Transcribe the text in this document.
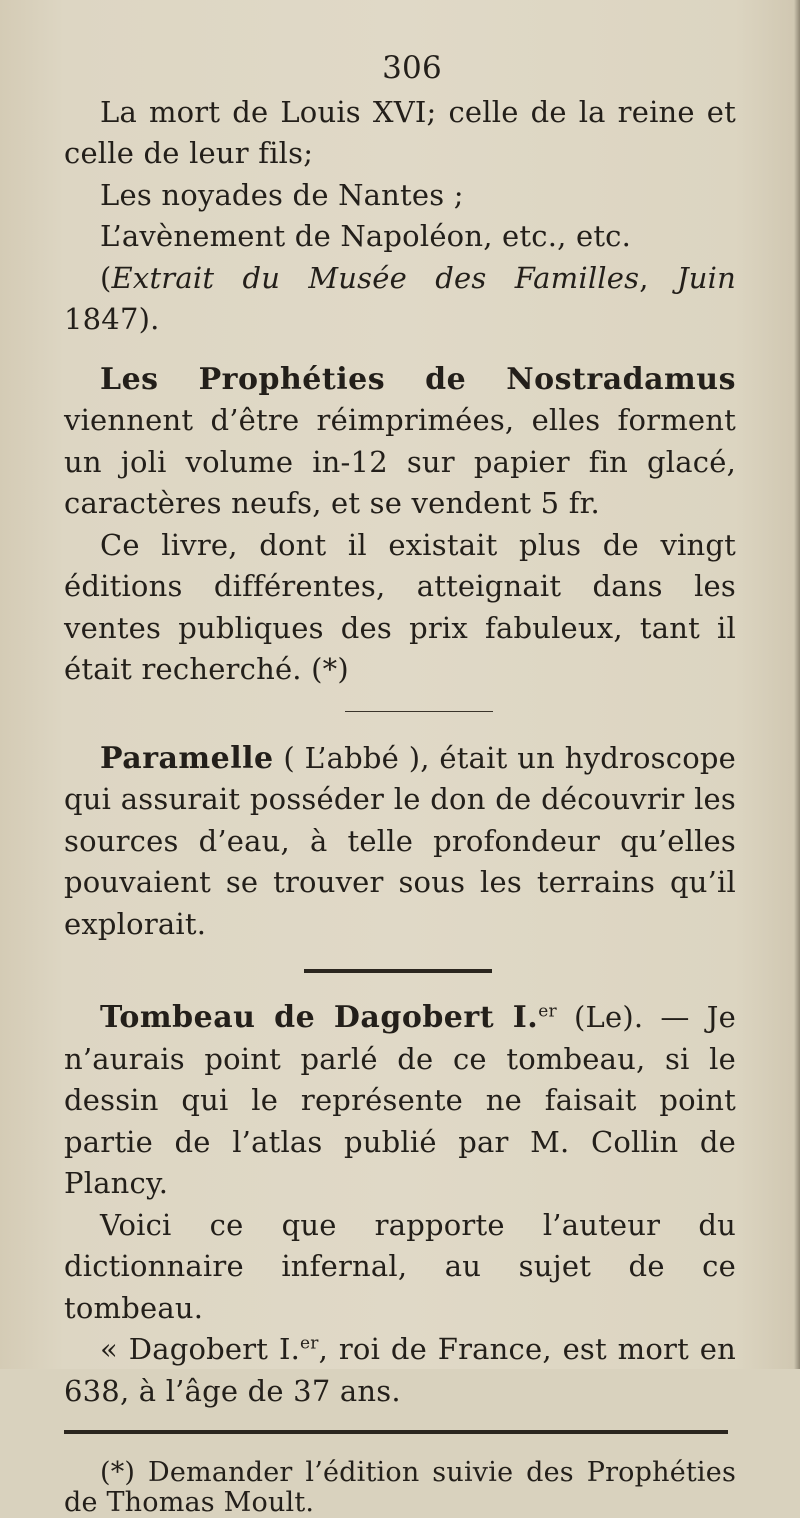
306

La mort de Louis XVI; celle de la reine et celle de leur fils;

Les noyades de Nantes ;

L’avènement de Napoléon, etc., etc.

(Extrait du Musée des Familles, Juin 1847).

Les Prophéties de Nostradamus viennent d’être réimprimées, elles forment un joli volume in-12 sur papier fin glacé, caractères neufs, et se vendent 5 fr.

Ce livre, dont il existait plus de vingt éditions différentes, atteignait dans les ventes publiques des prix fabuleux, tant il était recherché. (*)

Paramelle ( L’abbé ), était un hydroscope qui assurait posséder le don de découvrir les sources d’eau, à telle profondeur qu’elles pouvaient se trouver sous les terrains qu’il explorait.

Tombeau de Dagobert I.$^{er}$ (Le). — Je n’aurais point parlé de ce tombeau, si le dessin qui le représente ne faisait point partie de l’atlas publié par M. Collin de Plancy.

Voici ce que rapporte l’auteur du dictionnaire infernal, au sujet de ce tombeau.

« Dagobert I.$^{er}$, roi de France, est mort en 638, à l’âge de 37 ans.

(*) Demander l’édition suivie des Prophéties de Thomas Moult.
